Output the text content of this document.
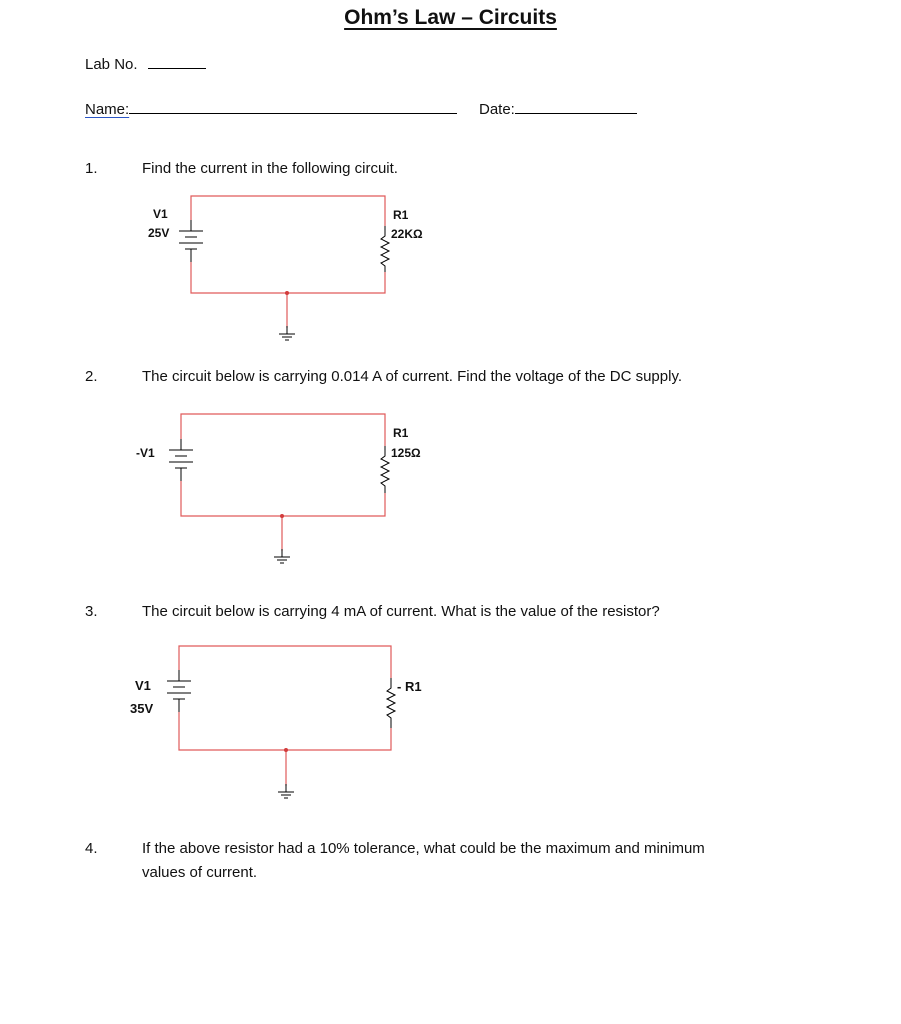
Ohm’s Law – Circuits
Lab No.
Name:	Date:
1.	Find the current in the following circuit.
V1
25V
R1
22KΩ
2.	The circuit below is carrying 0.014 A of current. Find the voltage of the DC supply.
-V1
R1
125Ω
3.	The circuit below is carrying 4 mA of current. What is the value of the resistor?
V1
35V
- R1
4.	If the above resistor had a 10% tolerance, what could be the maximum and minimum
values of current.
